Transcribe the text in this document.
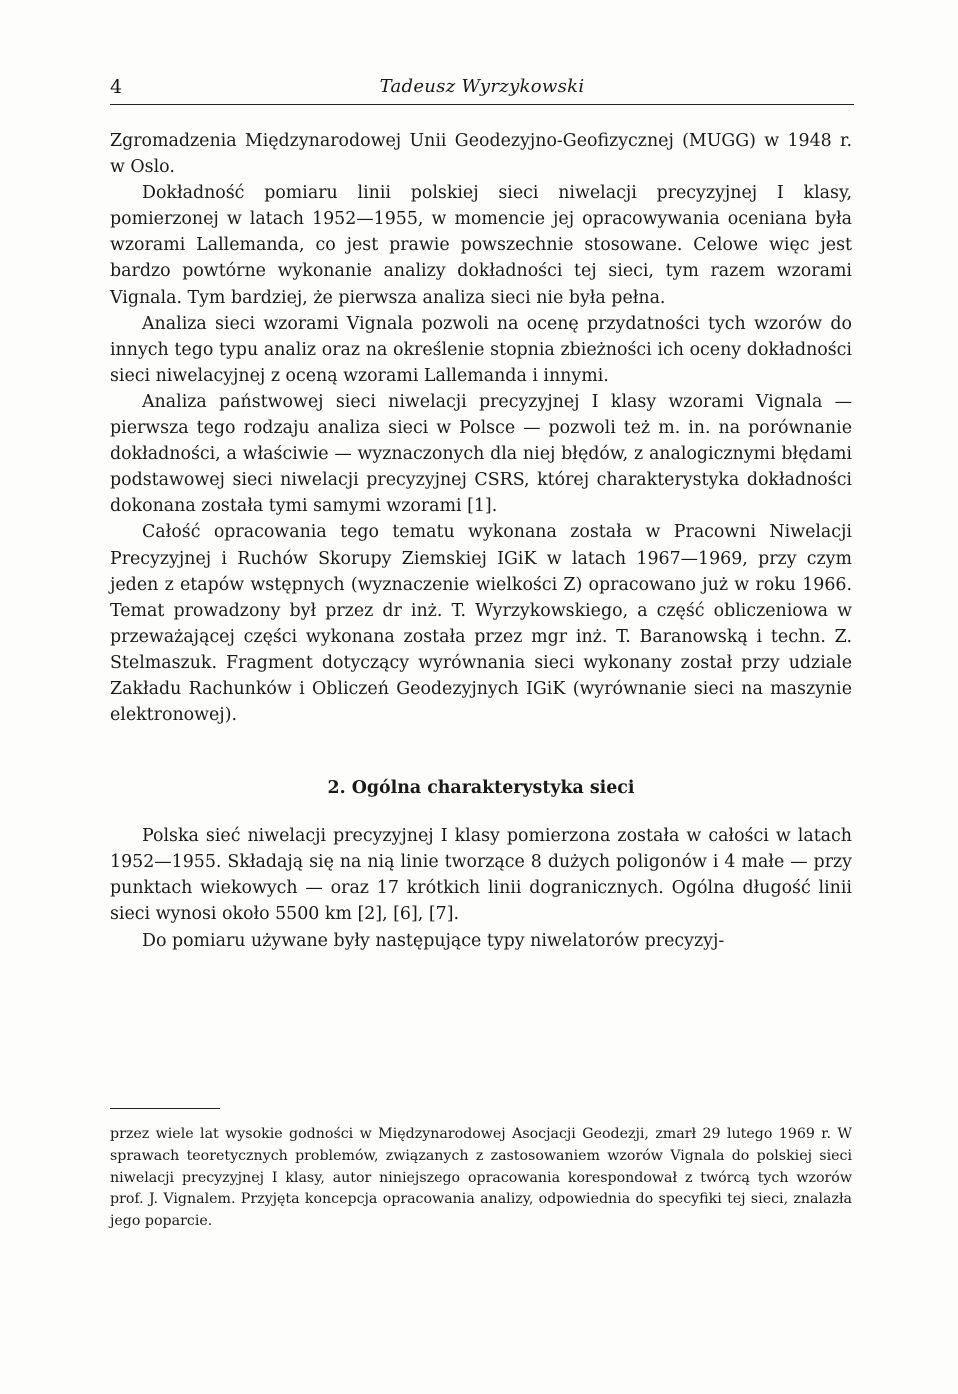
4	Tadeusz Wyrzykowski

Zgromadzenia Międzynarodowej Unii Geodezyjno-Geofizycznej (MUGG) w 1948 r. w Oslo.

Dokładność pomiaru linii polskiej sieci niwelacji precyzyjnej I klasy, pomierzonej w latach 1952—1955, w momencie jej opracowywania oceniana była wzorami Lallemanda, co jest prawie powszechnie stosowane. Celowe więc jest bardzo powtórne wykonanie analizy dokładności tej sieci, tym razem wzorami Vignala. Tym bardziej, że pierwsza analiza sieci nie była pełna.

Analiza sieci wzorami Vignala pozwoli na ocenę przydatności tych wzorów do innych tego typu analiz oraz na określenie stopnia zbieżności ich oceny dokładności sieci niwelacyjnej z oceną wzorami Lallemanda i innymi.

Analiza państwowej sieci niwelacji precyzyjnej I klasy wzorami Vignala — pierwsza tego rodzaju analiza sieci w Polsce — pozwoli też m. in. na porównanie dokładności, a właściwie — wyznaczonych dla niej błędów, z analogicznymi błędami podstawowej sieci niwelacji precyzyjnej CSRS, której charakterystyka dokładności dokonana została tymi samymi wzorami [1].

Całość opracowania tego tematu wykonana została w Pracowni Niwelacji Precyzyjnej i Ruchów Skorupy Ziemskiej IGiK w latach 1967—1969, przy czym jeden z etapów wstępnych (wyznaczenie wielkości Z) opracowano już w roku 1966. Temat prowadzony był przez dr inż. T. Wyrzykowskiego, a część obliczeniowa w przeważającej części wykonana została przez mgr inż. T. Baranowską i techn. Z. Stelmaszuk. Fragment dotyczący wyrównania sieci wykonany został przy udziale Zakładu Rachunków i Obliczeń Geodezyjnych IGiK (wyrównanie sieci na maszynie elektronowej).

2. Ogólna charakterystyka sieci

Polska sieć niwelacji precyzyjnej I klasy pomierzona została w całości w latach 1952—1955. Składają się na nią linie tworzące 8 dużych poligonów i 4 małe — przy punktach wiekowych — oraz 17 krótkich linii dogranicznych. Ogólna długość linii sieci wynosi około 5500 km [2], [6], [7].

Do pomiaru używane były następujące typy niwelatorów precyzyj-

przez wiele lat wysokie godności w Międzynarodowej Asocjacji Geodezji, zmarł 29 lutego 1969 r. W sprawach teoretycznych problemów, związanych z zastosowaniem wzorów Vignala do polskiej sieci niwelacji precyzyjnej I klasy, autor niniejszego opracowania korespondował z twórcą tych wzorów prof. J. Vignalem. Przyjęta koncepcja opracowania analizy, odpowiednia do specyfiki tej sieci, znalazła jego poparcie.
